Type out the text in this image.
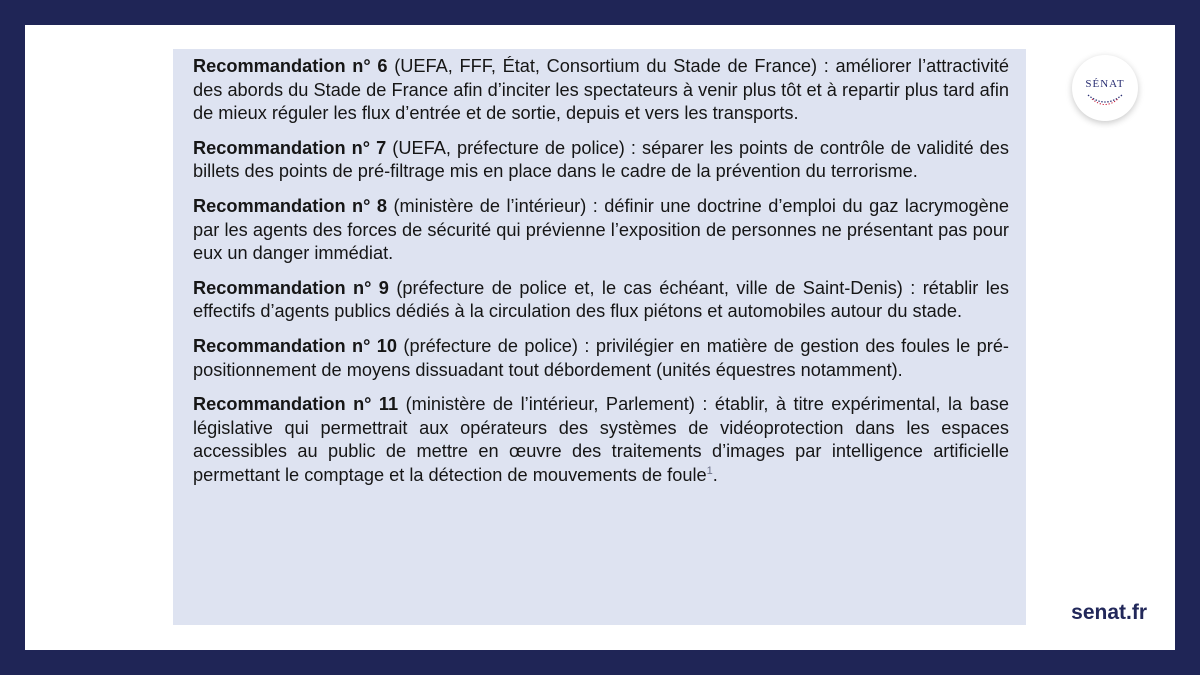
Recommandation n° 6 (UEFA, FFF, État, Consortium du Stade de France) : améliorer l’attractivité des abords du Stade de France afin d’inciter les spectateurs à venir plus tôt et à repartir plus tard afin de mieux réguler les flux d’entrée et de sortie, depuis et vers les transports.

Recommandation n° 7 (UEFA, préfecture de police) : séparer les points de contrôle de validité des billets des points de pré-filtrage mis en place dans le cadre de la prévention du terrorisme.

Recommandation n° 8 (ministère de l’intérieur) : définir une doctrine d’emploi du gaz lacrymogène par les agents des forces de sécurité qui prévienne l’exposition de personnes ne présentant pas pour eux un danger immédiat.

Recommandation n° 9 (préfecture de police et, le cas échéant, ville de Saint-Denis) : rétablir les effectifs d’agents publics dédiés à la circulation des flux piétons et automobiles autour du stade.

Recommandation n° 10 (préfecture de police) : privilégier en matière de gestion des foules le pré-positionnement de moyens dissuadant tout débordement (unités équestres notamment).

Recommandation n° 11 (ministère de l’intérieur, Parlement) : établir, à titre expérimental, la base législative qui permettrait aux opérateurs des systèmes de vidéoprotection dans les espaces accessibles au public de mettre en œuvre des traitements d’images par intelligence artificielle permettant le comptage et la détection de mouvements de foule$^1$.

SÉNAT
senat.fr
